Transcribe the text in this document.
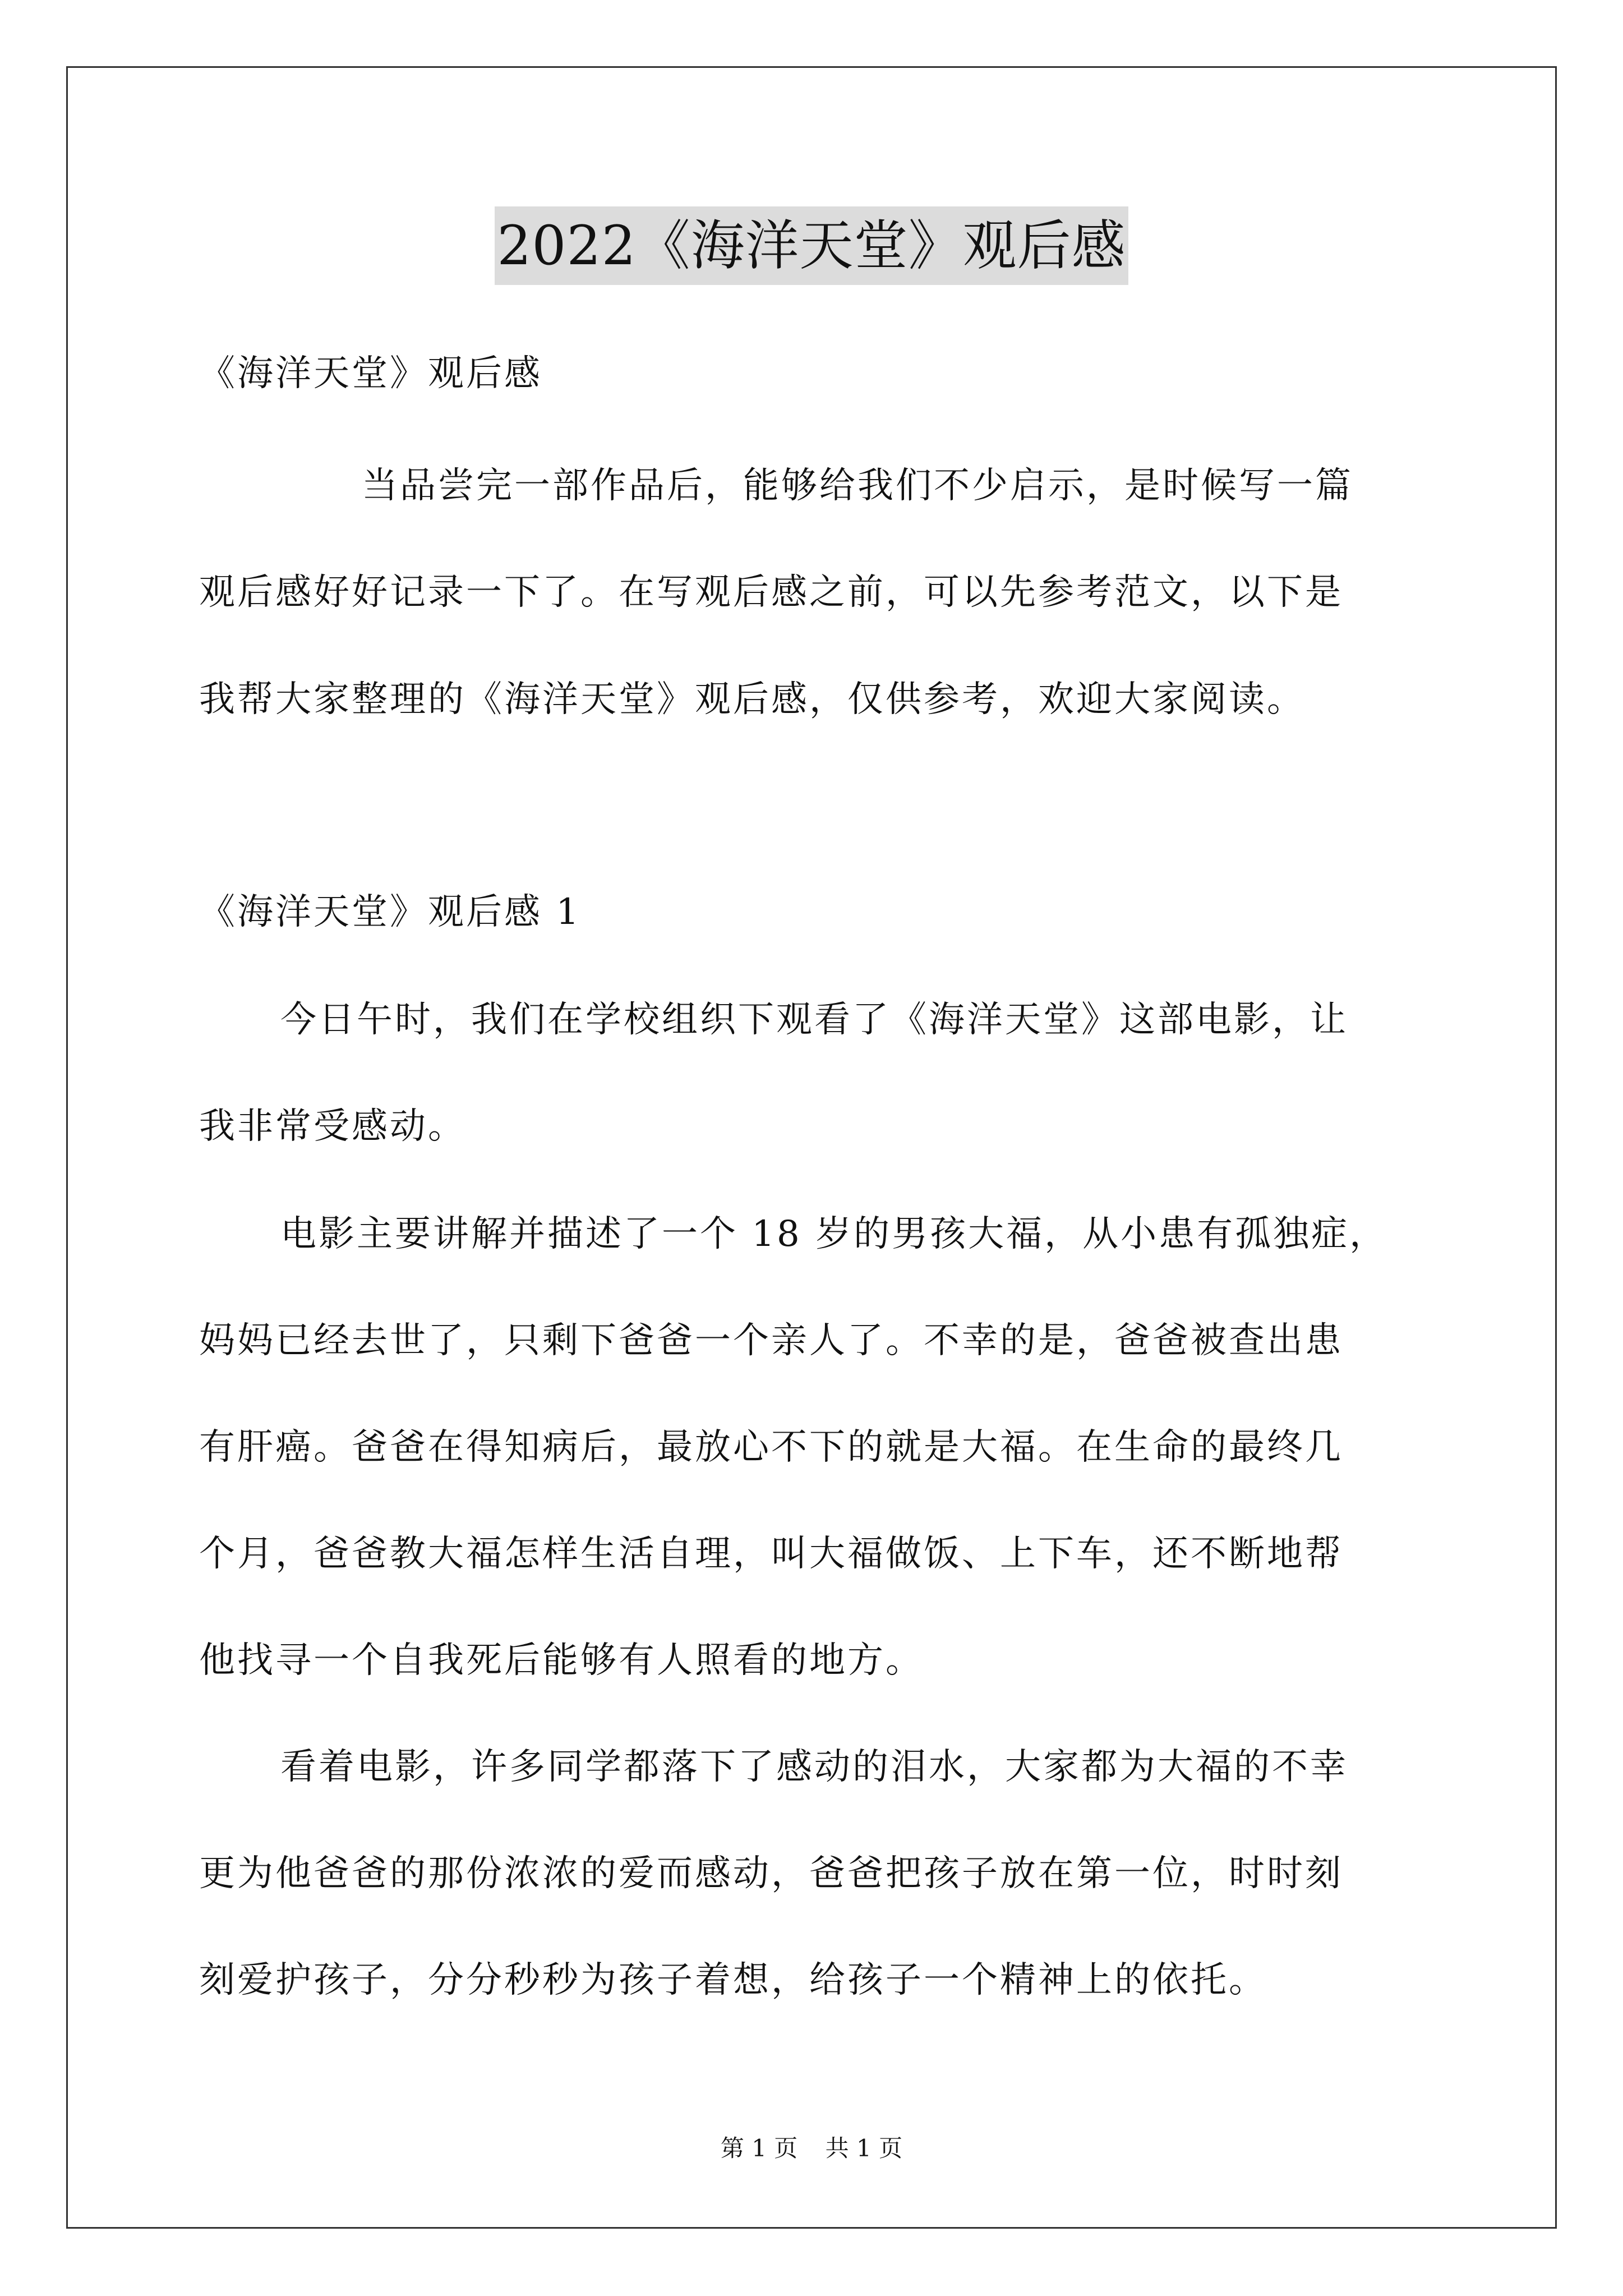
2022《海洋天堂》观后感
《海洋天堂》观后感
当品尝完一部作品后，能够给我们不少启示，是时候写一篇
观后感好好记录一下了。在写观后感之前，可以先参考范文，以下是
我帮大家整理的《海洋天堂》观后感，仅供参考，欢迎大家阅读。
《海洋天堂》观后感 1
今日午时，我们在学校组织下观看了《海洋天堂》这部电影，让
我非常受感动。
电影主要讲解并描述了一个 18 岁的男孩大福，从小患有孤独症，
妈妈已经去世了，只剩下爸爸一个亲人了。不幸的是，爸爸被查出患
有肝癌。爸爸在得知病后，最放心不下的就是大福。在生命的最终几
个月，爸爸教大福怎样生活自理，叫大福做饭、上下车，还不断地帮
他找寻一个自我死后能够有人照看的地方。
看着电影，许多同学都落下了感动的泪水，大家都为大福的不幸
更为他爸爸的那份浓浓的爱而感动，爸爸把孩子放在第一位，时时刻
刻爱护孩子，分分秒秒为孩子着想，给孩子一个精神上的依托。
第 1 页 共 1 页
